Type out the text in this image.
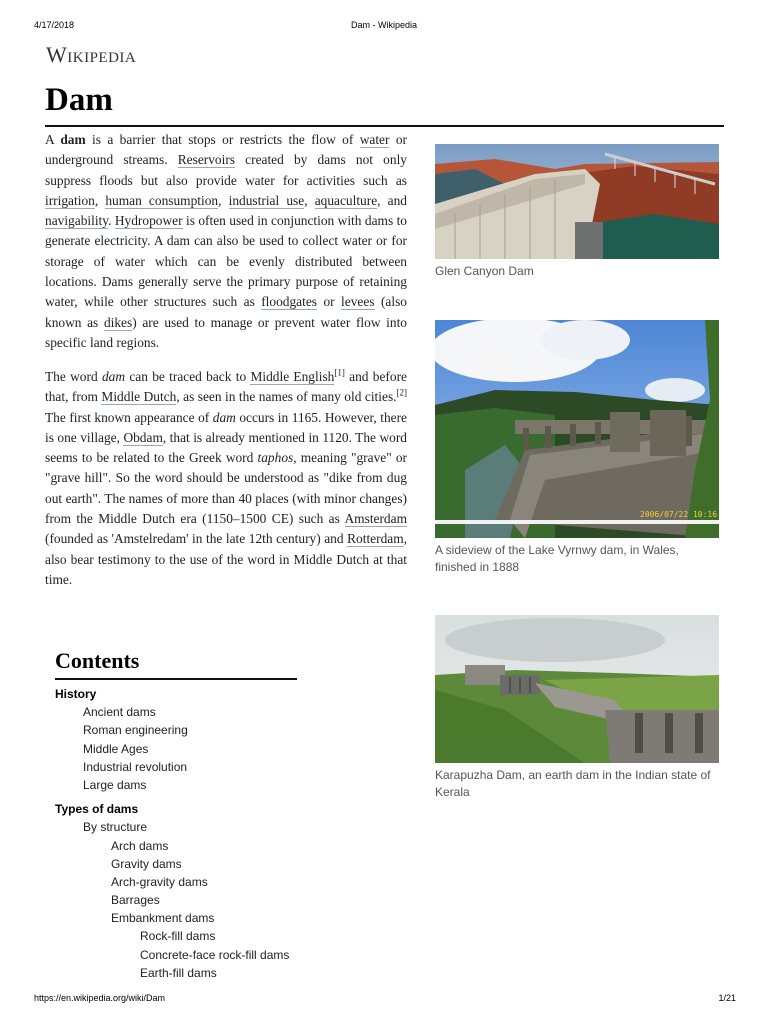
4/17/2018	Dam - Wikipedia
Wikipedia
Dam

A dam is a barrier that stops or restricts the flow of water or underground streams. Reservoirs created by dams not only suppress floods but also provide water for activities such as irrigation, human consumption, industrial use, aquaculture, and navigability. Hydropower is often used in conjunction with dams to generate electricity. A dam can also be used to collect water or for storage of water which can be evenly distributed between locations. Dams generally serve the primary purpose of retaining water, while other structures such as floodgates or levees (also known as dikes) are used to manage or prevent water flow into specific land regions.

The word dam can be traced back to Middle English[1] and before that, from Middle Dutch, as seen in the names of many old cities.[2] The first known appearance of dam occurs in 1165. However, there is one village, Obdam, that is already mentioned in 1120. The word seems to be related to the Greek word taphos, meaning "grave" or "grave hill". So the word should be understood as "dike from dug out earth". The names of more than 40 places (with minor changes) from the Middle Dutch era (1150–1500 CE) such as Amsterdam (founded as 'Amstelredam' in the late 12th century) and Rotterdam, also bear testimony to the use of the word in Middle Dutch at that time.

Contents
History
Ancient dams
Roman engineering
Middle Ages
Industrial revolution
Large dams
Types of dams
By structure
Arch dams
Gravity dams
Arch-gravity dams
Barrages
Embankment dams
Rock-fill dams
Concrete-face rock-fill dams
Earth-fill dams
Glen Canyon Dam
2006/07/22 10:16
A sideview of the Lake Vyrnwy dam, in Wales, finished in 1888
Karapuzha Dam, an earth dam in the Indian state of Kerala
https://en.wikipedia.org/wiki/Dam	1/21
